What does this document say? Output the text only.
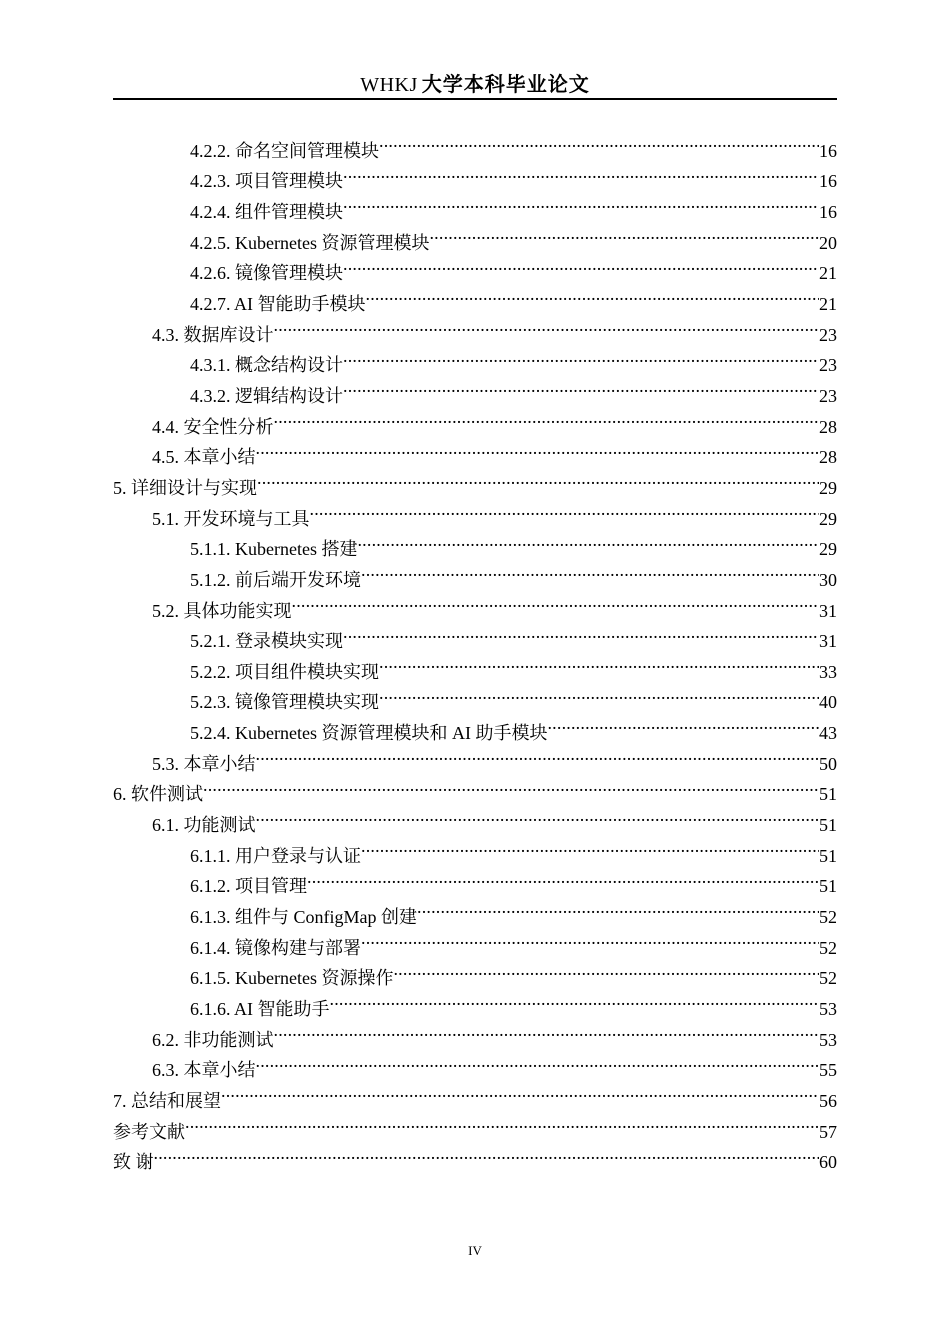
WHKJ 大学本科毕业论文
4.2.2. 命名空间管理模块 .....	16
4.2.3. 项目管理模块 .....	16
4.2.4. 组件管理模块 .....	16
4.2.5. Kubernetes 资源管理模块 .....	20
4.2.6. 镜像管理模块 .....	21
4.2.7. AI 智能助手模块 .....	21
4.3. 数据库设计 .....	23
4.3.1. 概念结构设计 .....	23
4.3.2. 逻辑结构设计 .....	23
4.4. 安全性分析 .....	28
4.5. 本章小结 .....	28
5. 详细设计与实现 .....	29
5.1. 开发环境与工具 .....	29
5.1.1. Kubernetes 搭建 .....	29
5.1.2. 前后端开发环境 .....	30
5.2. 具体功能实现 .....	31
5.2.1. 登录模块实现 .....	31
5.2.2. 项目组件模块实现 .....	33
5.2.3. 镜像管理模块实现 .....	40
5.2.4. Kubernetes 资源管理模块和 AI 助手模块 .....	43
5.3. 本章小结 .....	50
6. 软件测试 .....	51
6.1. 功能测试 .....	51
6.1.1. 用户登录与认证 .....	51
6.1.2. 项目管理 .....	51
6.1.3. 组件与 ConfigMap 创建 .....	52
6.1.4. 镜像构建与部署 .....	52
6.1.5. Kubernetes 资源操作 .....	52
6.1.6. AI 智能助手 .....	53
6.2. 非功能测试 .....	53
6.3. 本章小结 .....	55
7. 总结和展望 .....	56
参考文献 .....	57
致 谢 .....	60
IV
